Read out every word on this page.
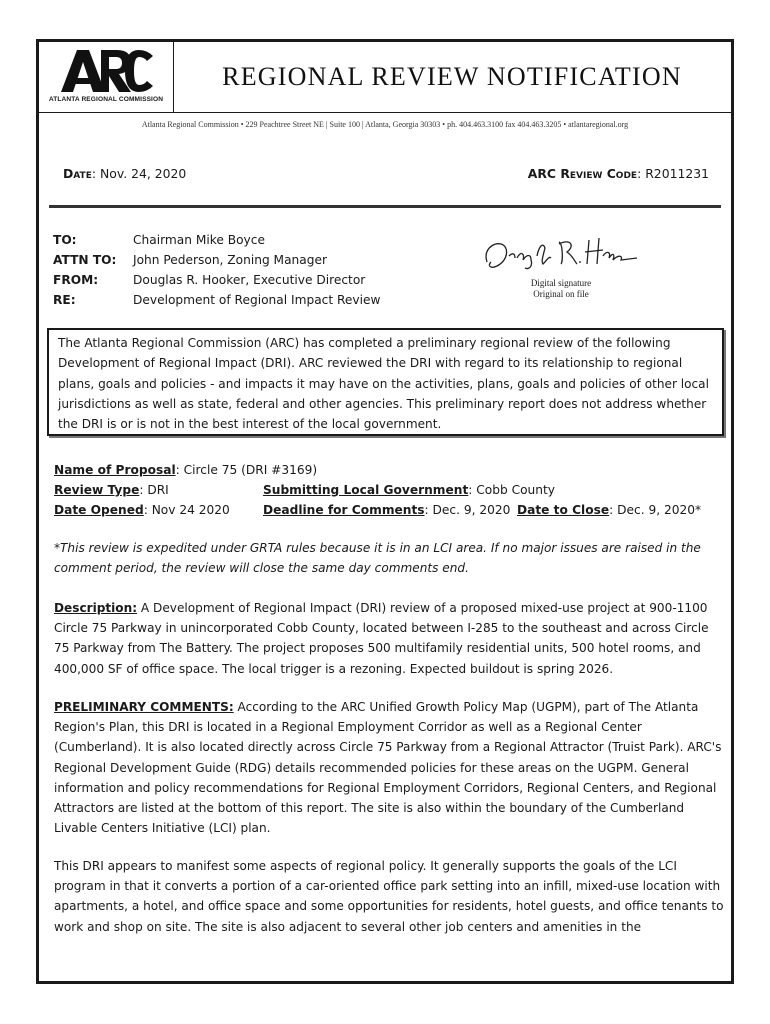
ATLANTA REGIONAL COMMISSION
REGIONAL REVIEW NOTIFICATION
Atlanta Regional Commission • 229 Peachtree Street NE | Suite 100 | Atlanta, Georgia 30303 • ph. 404.463.3100 fax 404.463.3205 • atlantaregional.org
Date: Nov. 24, 2020	ARC Review Code: R2011231
TO:	Chairman Mike Boyce
ATTN TO: John Pederson, Zoning Manager
FROM:	Douglas R. Hooker, Executive Director
RE:	Development of Regional Impact Review
Digital signature
Original on file
The Atlanta Regional Commission (ARC) has completed a preliminary regional review of the following Development of Regional Impact (DRI). ARC reviewed the DRI with regard to its relationship to regional plans, goals and policies - and impacts it may have on the activities, plans, goals and policies of other local jurisdictions as well as state, federal and other agencies. This preliminary report does not address whether the DRI is or is not in the best interest of the local government.
Name of Proposal: Circle 75 (DRI #3169)
Review Type: DRI	Submitting Local Government: Cobb County
Date Opened: Nov 24 2020	Deadline for Comments: Dec. 9, 2020 Date to Close: Dec. 9, 2020*
*This review is expedited under GRTA rules because it is in an LCI area. If no major issues are raised in the comment period, the review will close the same day comments end.
Description: A Development of Regional Impact (DRI) review of a proposed mixed-use project at 900-1100 Circle 75 Parkway in unincorporated Cobb County, located between I-285 to the southeast and across Circle 75 Parkway from The Battery. The project proposes 500 multifamily residential units, 500 hotel rooms, and 400,000 SF of office space. The local trigger is a rezoning. Expected buildout is spring 2026.
PRELIMINARY COMMENTS: According to the ARC Unified Growth Policy Map (UGPM), part of The Atlanta Region's Plan, this DRI is located in a Regional Employment Corridor as well as a Regional Center (Cumberland). It is also located directly across Circle 75 Parkway from a Regional Attractor (Truist Park). ARC's Regional Development Guide (RDG) details recommended policies for these areas on the UGPM. General information and policy recommendations for Regional Employment Corridors, Regional Centers, and Regional Attractors are listed at the bottom of this report. The site is also within the boundary of the Cumberland Livable Centers Initiative (LCI) plan.
This DRI appears to manifest some aspects of regional policy. It generally supports the goals of the LCI program in that it converts a portion of a car-oriented office park setting into an infill, mixed-use location with apartments, a hotel, and office space and some opportunities for residents, hotel guests, and office tenants to work and shop on site. The site is also adjacent to several other job centers and amenities in the
